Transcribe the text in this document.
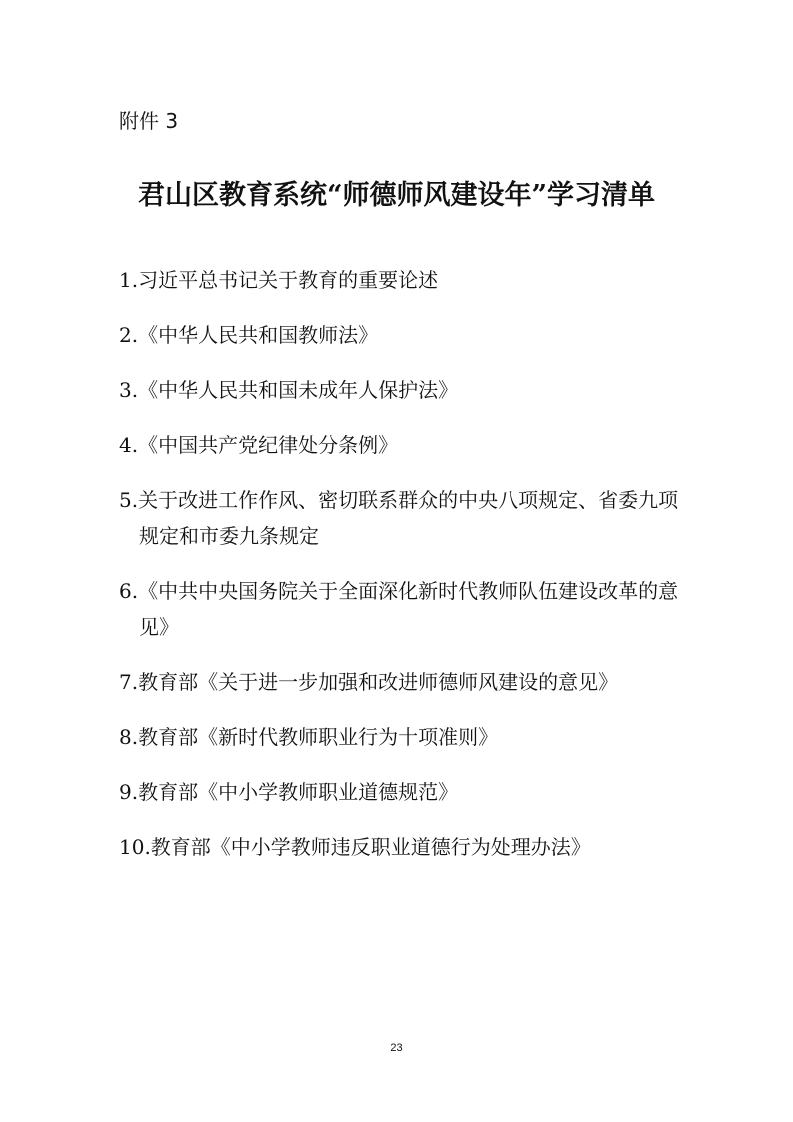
附件 3
君山区教育系统“师德师风建设年”学习清单
1.习近平总书记关于教育的重要论述
2.《中华人民共和国教师法》
3.《中华人民共和国未成年人保护法》
4.《中国共产党纪律处分条例》
5.关于改进工作作风、密切联系群众的中央八项规定、省委九项规定和市委九条规定
6.《中共中央国务院关于全面深化新时代教师队伍建设改革的意见》
7.教育部《关于进一步加强和改进师德师风建设的意见》
8.教育部《新时代教师职业行为十项准则》
9.教育部《中小学教师职业道德规范》
10.教育部《中小学教师违反职业道德行为处理办法》
23
